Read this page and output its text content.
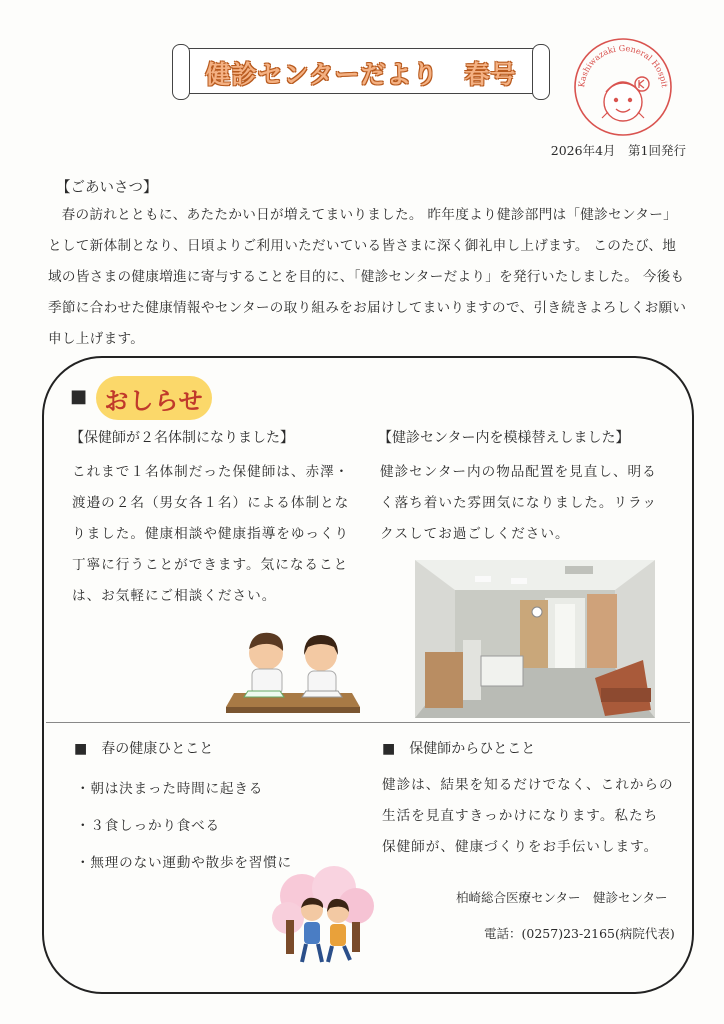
健診センターだより　春号	Kashiwazaki General Hospit
2026年4月　第1回発行
【ごあいさつ】

春の訪れとともに、あたたかい日が増えてまいりました。 昨年度より健診部門は「健診センター」として新体制となり、日頃よりご利用いただいている皆さまに深く御礼申し上げます。 このたび、地域の皆さまの健康増進に寄与することを目的に、「健診センターだより」を発行いたしました。 今後も季節に合わせた健康情報やセンターの取り組みをお届けしてまいりますので、引き続きよろしくお願い申し上げます。

■ おしらせ
【保健師が２名体制になりました】
これまで１名体制だった保健師は、赤澤・
渡邉の２名（男女各１名）による体制とな
りました。健康相談や健康指導をゆっくり
丁寧に行うことができます。気になること
は、お気軽にご相談ください。
【健診センター内を模様替えしました】
健診センター内の物品配置を見直し、明る
く落ち着いた雰囲気になりました。リラッ
クスしてお過ごしください。
■　春の健康ひとこと
・朝は決まった時間に起きる
・３食しっかり食べる
・無理のない運動や散歩を習慣に
■　保健師からひとこと
健診は、結果を知るだけでなく、これからの
生活を見直すきっかけになります。私たち
保健師が、健康づくりをお手伝いします。
柏崎総合医療センター　健診センター
電話：(0257)23-2165(病院代表)
